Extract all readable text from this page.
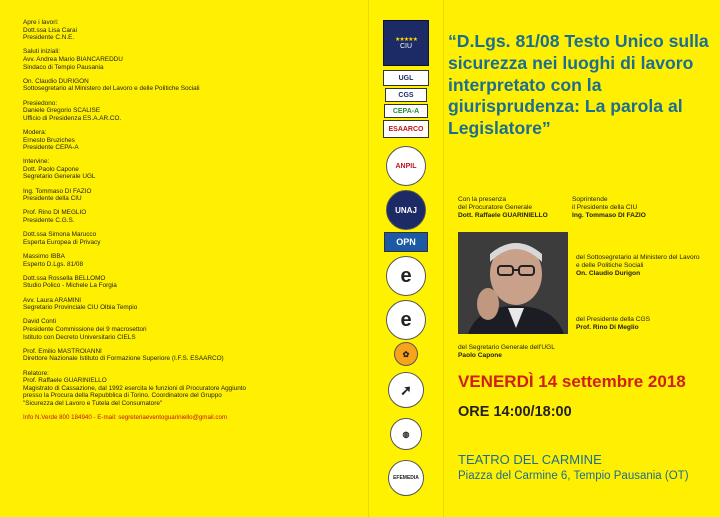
Apre i lavori:
Dott.ssa Lisa Carai
Presidente C.N.E.
Saluti iniziali:
Avv. Andrea Mario BIANCAREDDU
Sindaco di Tempio Pausania
On. Claudio DURIGON
Sottosegretario al Ministero del Lavoro e delle Politiche Sociali
Presiedono:
Daniele Gregorio SCALISE
Ufficio di Presidenza ES.A.AR.CO.
Modera:
Ernesto Bruziches
Presidente CEPA-A
Intervine:
Dott. Paolo Capone
Segretario Generale UGL
Ing. Tommaso DI FAZIO
Presidente della CIU
Prof. Rino DI MEGLIO
Presidente C.G.S.
Dott.ssa Simona Marucco
Esperta Europea di Privacy
Massimo IBBA
Esperto D.Lgs. 81/08
Dott.ssa Rossella BELLOMO
Studio Polico - Michele La Forgia
Avv. Laura ARAMINI
Segretario Provinciale CIU Olbia Tempio
David Conti
Presidente Commissione dei 9 macrosettori
Istituto con Decreto Universitario CIELS
Prof. Emilio MASTROIANNI
Direttore Nazionale Istituto di Formazione Superiore (I.F.S. ESAARCO)
Relatore:
Prof. Raffaele GUARINIELLO
Magistrato di Cassazione, dal 1992 esercita le funzioni di Procuratore Aggiunto
presso la Procura della Repubblica di Torino. Coordinatore del Gruppo
"Sicurezza del Lavoro e Tutela del Consumatore"
Info N.Verde 800 184940 - E-mail: segreteriaeventoguariniello@gmail.com
★★★★★
CIU
UGL
CGS
CEPA-A
ESAARCO
ANPIL
UNAJ
OPN
e
e
✿
➚
◍
EFEMEDIA
“D.Lgs. 81/08 Testo Unico sulla sicurezza nei luoghi di lavoro interpretato con la giurisprudenza: La parola al Legislatore”
Con la presenza
del Procuratore Generale
Dott. Raffaele GUARINIELLO
Soprintende
il Presidente della CIU
Ing. Tommaso DI FAZIO
del Sottosegretario al Ministero del Lavoro
e delle Politiche Sociali
On. Claudio Durigon
del Presidente della CGS
Prof. Rino Di Meglio
del Segretario Generale dell'UGL
Paolo Capone
VENERDÌ 14 settembre 2018
ORE 14:00/18:00
TEATRO DEL CARMINE
Piazza del Carmine 6, Tempio Pausania (OT)
